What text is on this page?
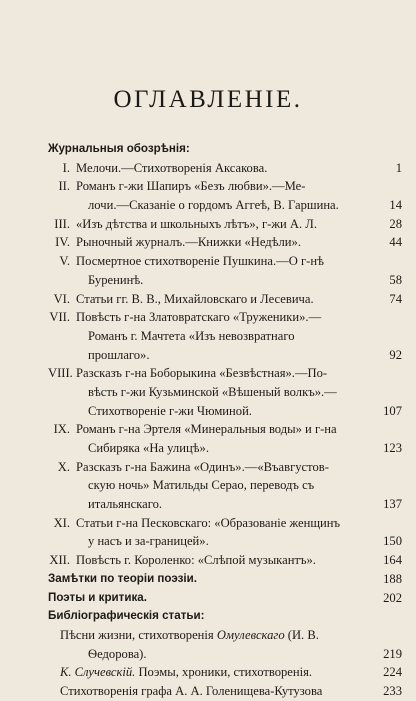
ОГЛАВЛЕНІЕ.
Журнальныя обозрѣнія:
I. Мелочи.—Стихотворенія Аксакова.	1
II. Романъ г-жи Шапиръ «Безъ любви».—Ме-
лочи.—Сказаніе о гордомъ Аггеѣ, В. Гаршина.	14
III. «Изъ дѣтства и школьныхъ лѣтъ», г-жи А. Л.	28
IV. Рыночный журналъ.—Книжки «Недѣли».	44
V. Посмертное стихотвореніе Пушкина.—О г-нѣ
Буренинѣ.	58
VI. Статьи гг. В. В., Михайловскаго и Лесевича.	74
VII. Повѣсть г-на Златовратскаго «Труженики».—
Романъ г. Мачтета «Изъ невозвратнаго
прошлаго».	92
VIII. Разсказъ г-на Боборыкина «Безвѣстная».—По-
вѣсть г-жи Кузьминской «Вѣшеный волкъ».—
Стихотвореніе г-жи Чюминой.	107
IX. Романъ г-на Эртеля «Минеральныя воды» и г-на
Сибиряка «На улицѣ».	123
X. Разсказъ г-на Бажина «Одинъ».—«Въавгустов-
скую ночь» Матильды Серао, переводъ съ
итальянскаго.	137
XI. Статьи г-на Песковскаго: «Образованіе женщинъ
у насъ и за-границей».	150
XII. Повѣсть г. Короленко: «Слѣпой музыкантъ».	164
Замѣтки по теоріи поэзіи.	188
Поэты и критика.	202
Библіографическія статьи:
Пѣсни жизни, стихотворенія Омулевскаго (И. В.
Ѳедорова).	219
К. Случевскій. Поэмы, хроники, стихотворенія.	224
Стихотворенія графа А. А. Голенищева-Кутузова	233
